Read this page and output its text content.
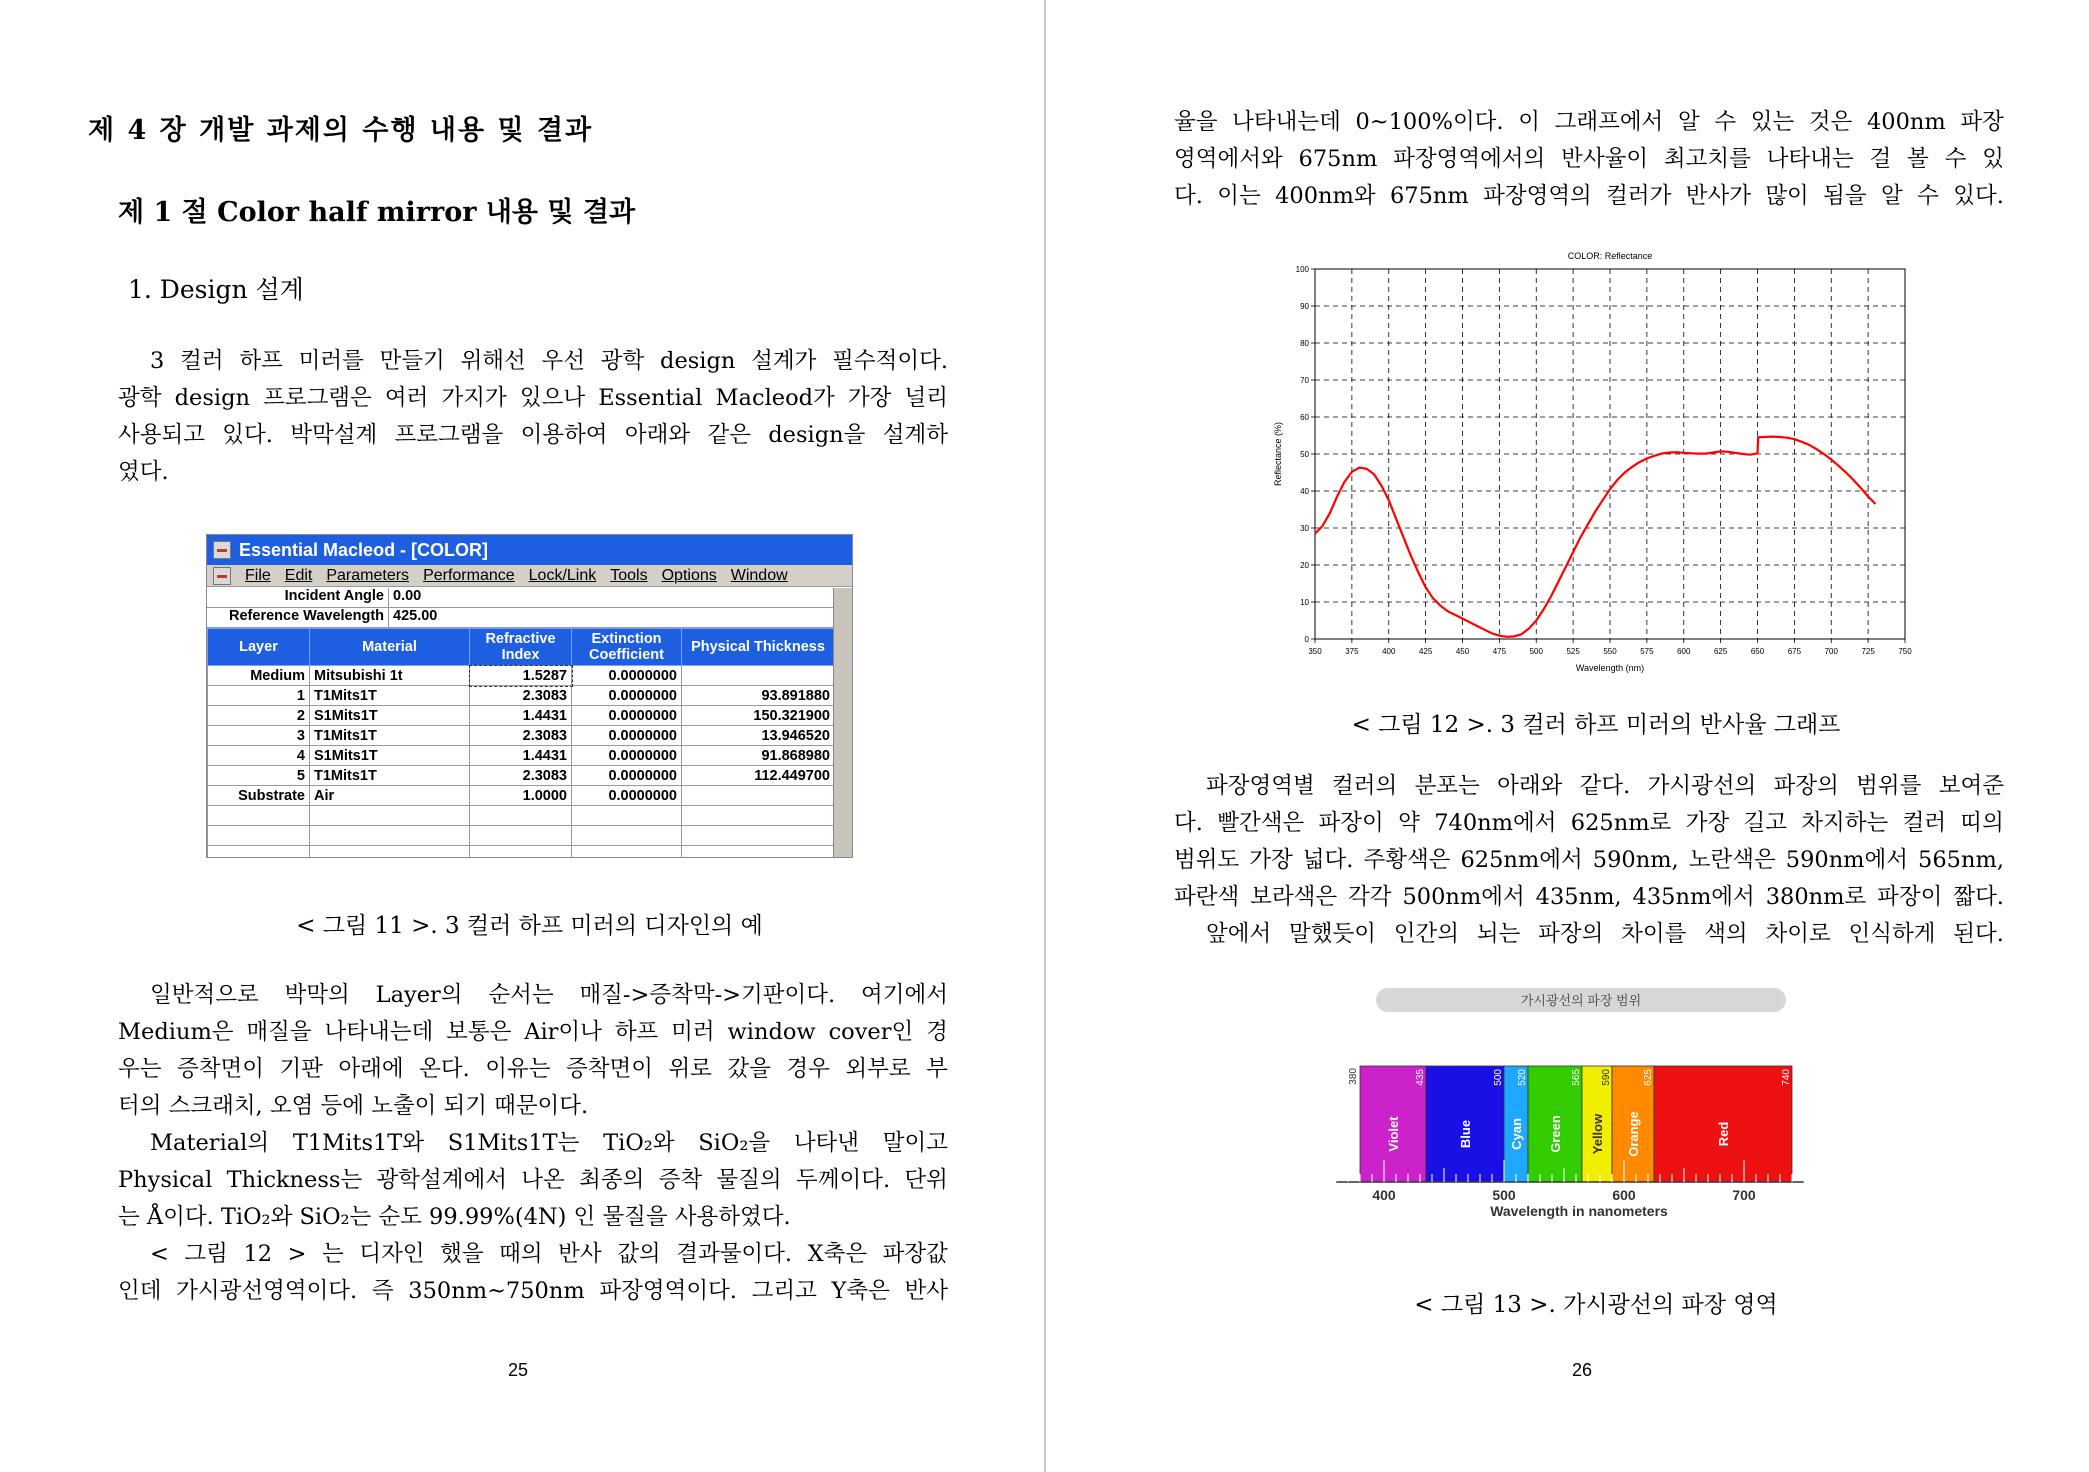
제 4 장 개발 과제의 수행 내용 및 결과
제 1 절 Color half mirror 내용 및 결과
1. Design 설계
3 컬러 하프 미러를 만들기 위해선 우선 광학 design 설계가 필수적이다.
광학 design 프로그램은 여러 가지가 있으나 Essential Macleod가 가장 널리
사용되고 있다. 박막설계 프로그램을 이용하여 아래와 같은 design을 설계하
였다.
Essential Macleod - [COLOR]
File Edit Parameters Performance Lock/Link Tools Options Window
Incident Angle 0.00
Reference Wavelength 425.00
Layer	Material	Refractive Index	Extinction Coefficient	Physical Thickness
Medium	Mitsubishi 1t	1.5287	0.0000000	
1	T1Mits1T	2.3083	0.0000000	93.891880
2	S1Mits1T	1.4431	0.0000000	150.321900
3	T1Mits1T	2.3083	0.0000000	13.946520
4	S1Mits1T	1.4431	0.0000000	91.868980
5	T1Mits1T	2.3083	0.0000000	112.449700
Substrate	Air	1.0000	0.0000000	

< 그림 11 >. 3 컬러 하프 미러의 디자인의 예
일반적으로 박막의 Layer의 순서는 매질->증착막->기판이다. 여기에서
Medium은 매질을 나타내는데 보통은 Air이나 하프 미러 window cover인 경
우는 증착면이 기판 아래에 온다. 이유는 증착면이 위로 갔을 경우 외부로 부
터의 스크래치, 오염 등에 노출이 되기 때문이다.
Material의 T1Mits1T와 S1Mits1T는 TiO₂와 SiO₂을 나타낸 말이고
Physical Thickness는 광학설계에서 나온 최종의 증착 물질의 두께이다. 단위
는 Å이다. TiO₂와 SiO₂는 순도 99.99%(4N) 인 물질을 사용하였다.
< 그림 12 > 는 디자인 했을 때의 반사 값의 결과물이다. X축은 파장값
인데 가시광선영역이다. 즉 350nm~750nm 파장영역이다. 그리고 Y축은 반사
25
율을 나타내는데 0~100%이다. 이 그래프에서 알 수 있는 것은 400nm 파장
영역에서와 675nm 파장영역에서의 반사율이 최고치를 나타내는 걸 볼 수 있
다. 이는 400nm와 675nm 파장영역의 컬러가 반사가 많이 됨을 알 수 있다.
< 그림 12 >. 3 컬러 하프 미러의 반사율 그래프
파장영역별 컬러의 분포는 아래와 같다. 가시광선의 파장의 범위를 보여준
다. 빨간색은 파장이 약 740nm에서 625nm로 가장 길고 차지하는 컬러 띠의
범위도 가장 넓다. 주황색은 625nm에서 590nm, 노란색은 590nm에서 565nm,
파란색 보라색은 각각 500nm에서 435nm, 435nm에서 380nm로 파장이 짧다.
앞에서 말했듯이 인간의 뇌는 파장의 차이를 색의 차이로 인식하게 된다.
< 그림 13 >. 가시광선의 파장 영역
26
350	375	400	425	450	475	500	525	550	575	600	625	650	675	700	725	750
0
10
20
30
40
50
60
70
80
90
100
COLOR: Reflectance
Wavelength (nm)
Reflectance (%)
가시광선의 파장 범위
Violet
435
Blue
500
Cyan
520
Green
565
Yellow
590
Orange
625
Red
740
380
400	500	600	700
Wavelength in nanometers
